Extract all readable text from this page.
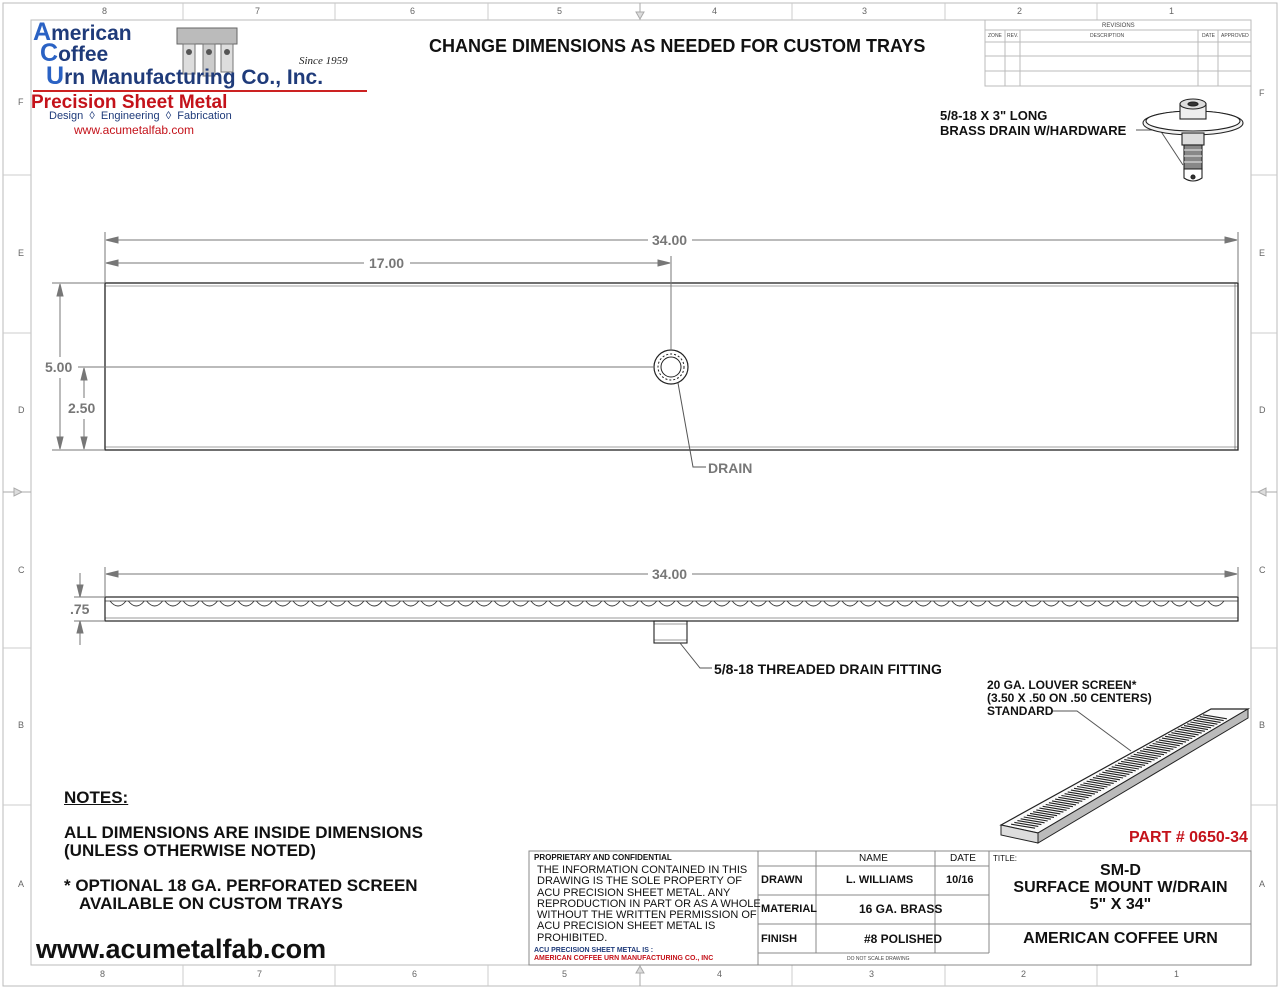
8	7	6	5	4	3	2	1
8	7	6	5	4	3	2	1
F
E
D
C
B
A
F
E
D
C
B
A
REVISIONS
ZONE REV.	DESCRIPTION	DATE APPROVED
American
Coffee
Urn Manufacturing Co., Inc.
Since 1959
Precision Sheet Metal
Design  ◊  Engineering  ◊  Fabrication
www.acumetalfab.com
CHANGE DIMENSIONS AS NEEDED FOR CUSTOM TRAYS
5/8-18 X 3" LONG
BRASS DRAIN W/HARDWARE
DRAIN
5/8-18 THREADED DRAIN FITTING
20 GA. LOUVER SCREEN*
(3.50 X .50 ON .50 CENTERS)
STANDARD
34.00
17.00
5.00
2.50
34.00
.75
NOTES:
ALL DIMENSIONS ARE INSIDE DIMENSIONS
(UNLESS OTHERWISE NOTED)
* OPTIONAL 18 GA. PERFORATED SCREEN
AVAILABLE ON CUSTOM TRAYS
www.acumetalfab.com
PART # 0650-34
PROPRIETARY AND CONFIDENTIAL
THE INFORMATION CONTAINED IN THIS
DRAWING IS THE SOLE PROPERTY OF
ACU PRECISION SHEET METAL. ANY
REPRODUCTION IN PART OR AS A WHOLE
WITHOUT THE WRITTEN PERMISSION OF
ACU PRECISION SHEET METAL IS
PROHIBITED.
ACU PRECISION SHEET METAL IS :
AMERICAN COFFEE URN MANUFACTURING CO., INC
NAME	DATE
DRAWN	L. WILLIAMS	10/16
MATERIAL	16 GA. BRASS
FINISH	#8 POLISHED
DO NOT SCALE DRAWING
TITLE:
SM-D
SURFACE MOUNT W/DRAIN
5" X 34"
AMERICAN COFFEE URN
